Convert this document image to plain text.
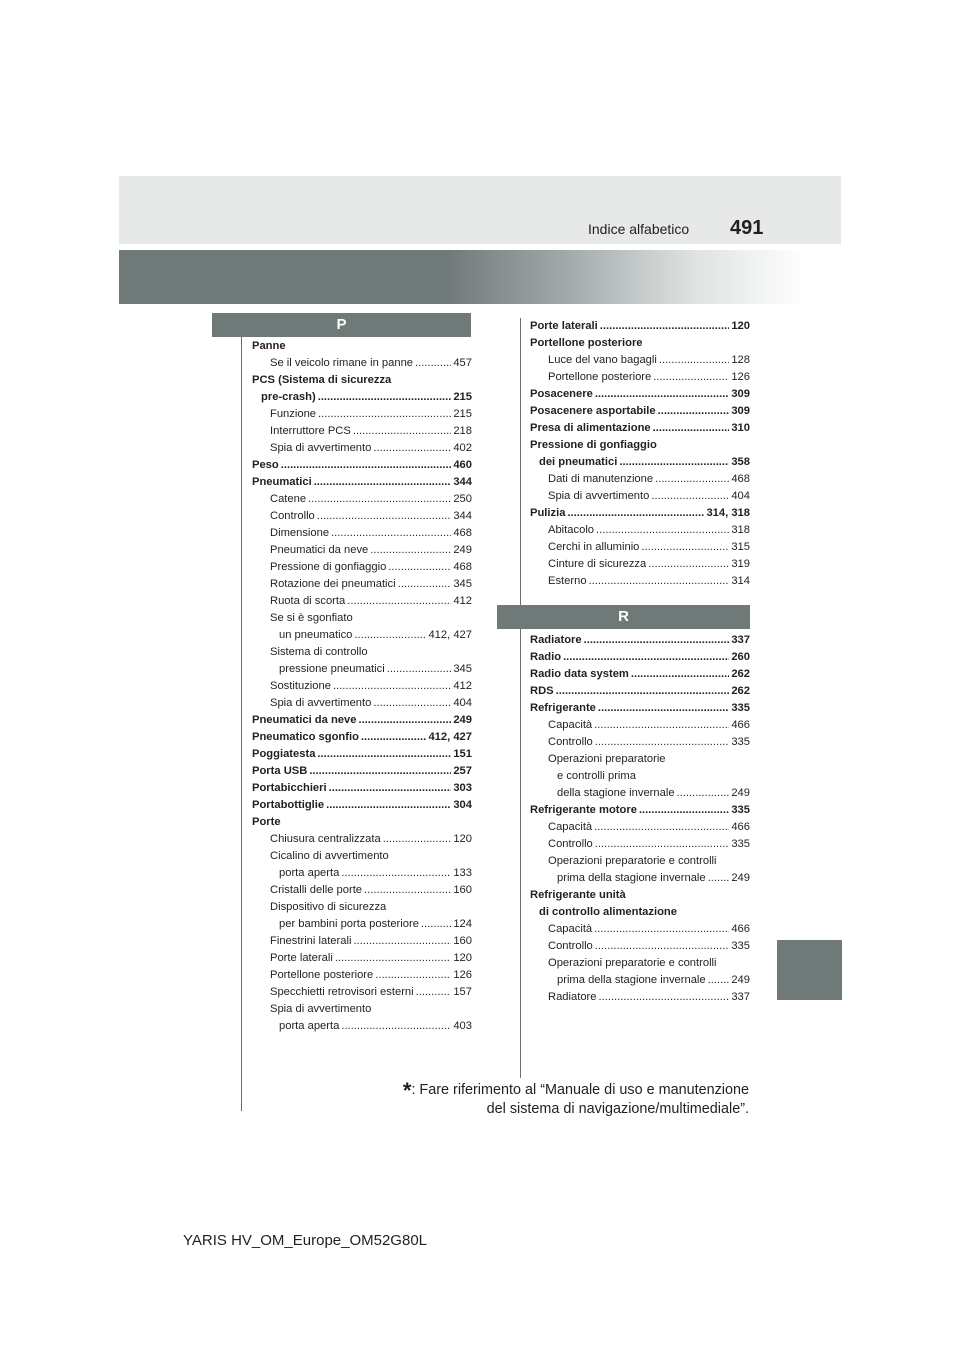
491
Indice alfabetico
P
R
Panne
Se il veicolo rimane in panne .....	457
PCS (Sistema di sicurezza
pre-crash) .....	215
Funzione .....	215
Interruttore PCS .....	218
Spia di avvertimento .....	402
Peso .....	460
Pneumatici .....	344
Catene .....	250
Controllo .....	344
Dimensione .....	468
Pneumatici da neve .....	249
Pressione di gonfiaggio .....	468
Rotazione dei pneumatici .....	345
Ruota di scorta .....	412
Se si è sgonfiato
un pneumatico .....	412, 427
Sistema di controllo
pressione pneumatici .....	345
Sostituzione .....	412
Spia di avvertimento .....	404
Pneumatici da neve .....	249
Pneumatico sgonfio .....	412, 427
Poggiatesta .....	151
Porta USB .....	257
Portabicchieri .....	303
Portabottiglie .....	304
Porte
Chiusura centralizzata .....	120
Cicalino di avvertimento
porta aperta .....	133
Cristalli delle porte .....	160
Dispositivo di sicurezza
per bambini porta posteriore .....	124
Finestrini laterali .....	160
Porte laterali .....	120
Portellone posteriore .....	126
Specchietti retrovisori esterni .....	157
Spia di avvertimento
porta aperta .....	403
Porte laterali .....	120
Portellone posteriore
Luce del vano bagagli .....	128
Portellone posteriore .....	126
Posacenere .....	309
Posacenere asportabile .....	309
Presa di alimentazione .....	310
Pressione di gonfiaggio
dei pneumatici .....	358
Dati di manutenzione .....	468
Spia di avvertimento .....	404
Pulizia .....	314, 318
Abitacolo .....	318
Cerchi in alluminio .....	315
Cinture di sicurezza .....	319
Esterno .....	314
Radiatore .....	337
Radio .....	260
Radio data system .....	262
RDS .....	262
Refrigerante .....	335
Capacità .....	466
Controllo .....	335
Operazioni preparatorie
e controlli prima
della stagione invernale .....	249
Refrigerante motore .....	335
Capacità .....	466
Controllo .....	335
Operazioni preparatorie e controlli
prima della stagione invernale ..... 249
Refrigerante unità
di controllo alimentazione
Capacità .....	466
Controllo .....	335
Operazioni preparatorie e controlli
prima della stagione invernale ..... 249
Radiatore .....	337
*: Fare riferimento al “Manuale di uso e manutenzione
del sistema di navigazione/multimediale”.
YARIS HV_OM_Europe_OM52G80L
